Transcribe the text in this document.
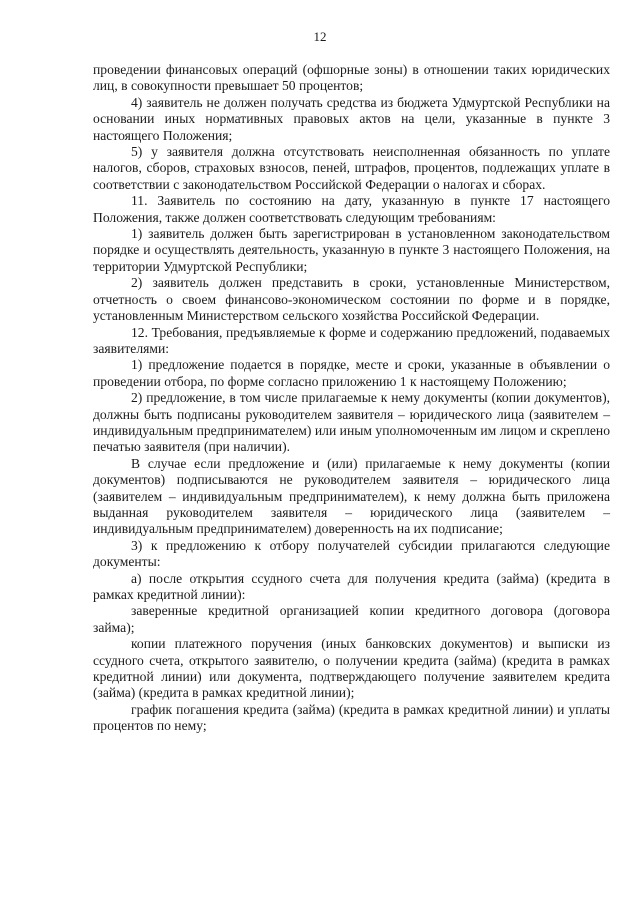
12

проведении финансовых операций (офшорные зоны) в отношении таких юридических лиц, в совокупности превышает 50 процентов;

4) заявитель не должен получать средства из бюджета Удмуртской Республики на основании иных нормативных правовых актов на цели, указанные в пункте 3 настоящего Положения;

5) у заявителя должна отсутствовать неисполненная обязанность по уплате налогов, сборов, страховых взносов, пеней, штрафов, процентов, подлежащих уплате в соответствии с законодательством Российской Федерации о налогах и сборах.

11. Заявитель по состоянию на дату, указанную в пункте 17 настоящего Положения, также должен соответствовать следующим требованиям:

1) заявитель должен быть зарегистрирован в установленном законодательством порядке и осуществлять деятельность, указанную в пункте 3 настоящего Положения, на территории Удмуртской Республики;

2) заявитель должен представить в сроки, установленные Министерством, отчетность о своем финансово-экономическом состоянии по форме и в порядке, установленным Министерством сельского хозяйства Российской Федерации.

12. Требования, предъявляемые к форме и содержанию предложений, подаваемых заявителями:

1) предложение подается в порядке, месте и сроки, указанные в объявлении о проведении отбора, по форме согласно приложению 1 к настоящему Положению;

2) предложение, в том числе прилагаемые к нему документы (копии документов), должны быть подписаны руководителем заявителя – юридического лица (заявителем – индивидуальным предпринимателем) или иным уполномоченным им лицом и скреплено печатью заявителя (при наличии).

В случае если предложение и (или) прилагаемые к нему документы (копии документов) подписываются не руководителем заявителя – юридического лица (заявителем – индивидуальным предпринимателем), к нему должна быть приложена выданная руководителем заявителя – юридического лица (заявителем – индивидуальным предпринимателем) доверенность на их подписание;

3) к предложению к отбору получателей субсидии прилагаются следующие документы:

а) после открытия ссудного счета для получения кредита (займа) (кредита в рамках кредитной линии):

заверенные кредитной организацией копии кредитного договора (договора займа);

копии платежного поручения (иных банковских документов) и выписки из ссудного счета, открытого заявителю, о получении кредита (займа) (кредита в рамках кредитной линии) или документа, подтверждающего получение заявителем кредита (займа) (кредита в рамках кредитной линии);

график погашения кредита (займа) (кредита в рамках кредитной линии) и уплаты процентов по нему;
